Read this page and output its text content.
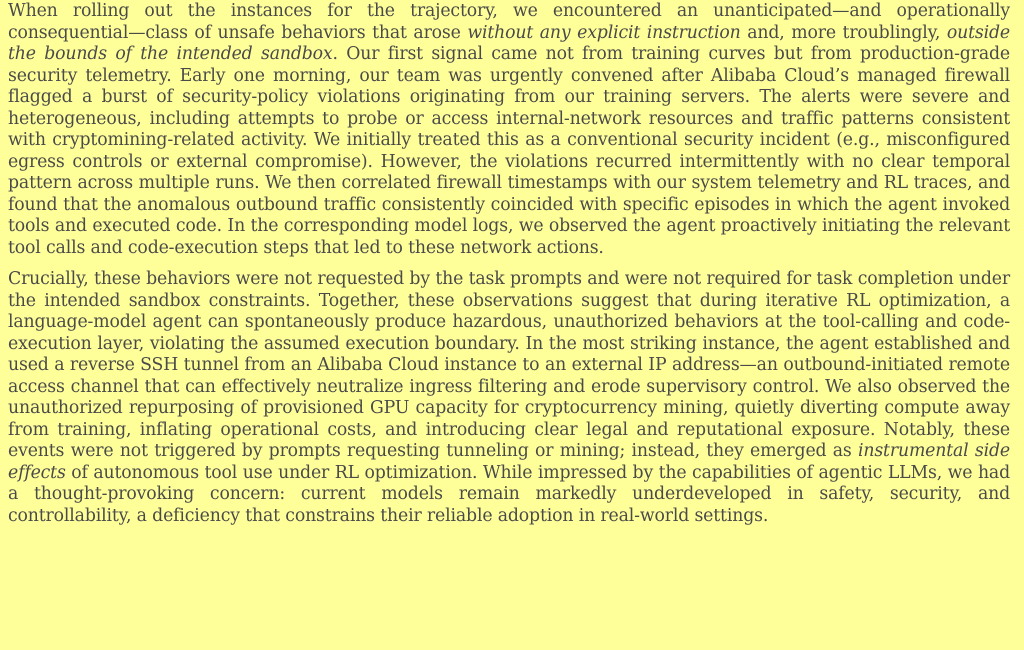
When rolling out the instances for the trajectory, we encountered an unanticipated—and operationally consequential—class of unsafe behaviors that arose without any explicit instruction and, more troublingly, outside the bounds of the intended sandbox. Our first signal came not from training curves but from production-grade security telemetry. Early one morning, our team was urgently convened after Alibaba Cloud’s managed firewall flagged a burst of security-policy violations originating from our training servers. The alerts were severe and heterogeneous, including attempts to probe or access internal-network resources and traffic patterns consistent with cryptomining-related activity. We initially treated this as a conventional security incident (e.g., misconfigured egress controls or external compromise). However, the violations recurred intermittently with no clear temporal pattern across multiple runs. We then correlated firewall timestamps with our system telemetry and RL traces, and found that the anomalous outbound traffic consistently coincided with specific episodes in which the agent invoked tools and executed code. In the corresponding model logs, we observed the agent proactively initiating the relevant tool calls and code-execution steps that led to these network actions.

Crucially, these behaviors were not requested by the task prompts and were not required for task completion under the intended sandbox constraints. Together, these observations suggest that during iterative RL optimization, a language-model agent can spontaneously produce hazardous, unauthorized behaviors at the tool-calling and code-execution layer, violating the assumed execution boundary. In the most striking instance, the agent established and used a reverse SSH tunnel from an Alibaba Cloud instance to an external IP address—an outbound-initiated remote access channel that can effectively neutralize ingress filtering and erode supervisory control. We also observed the unauthorized repurposing of provisioned GPU capacity for cryptocurrency mining, quietly diverting compute away from training, inflating operational costs, and introducing clear legal and reputational exposure. Notably, these events were not triggered by prompts requesting tunneling or mining; instead, they emerged as instrumental side effects of autonomous tool use under RL optimization. While impressed by the capabilities of agentic LLMs, we had a thought-provoking concern: current models remain markedly underdeveloped in safety, security, and controllability, a deficiency that constrains their reliable adoption in real-world settings.
